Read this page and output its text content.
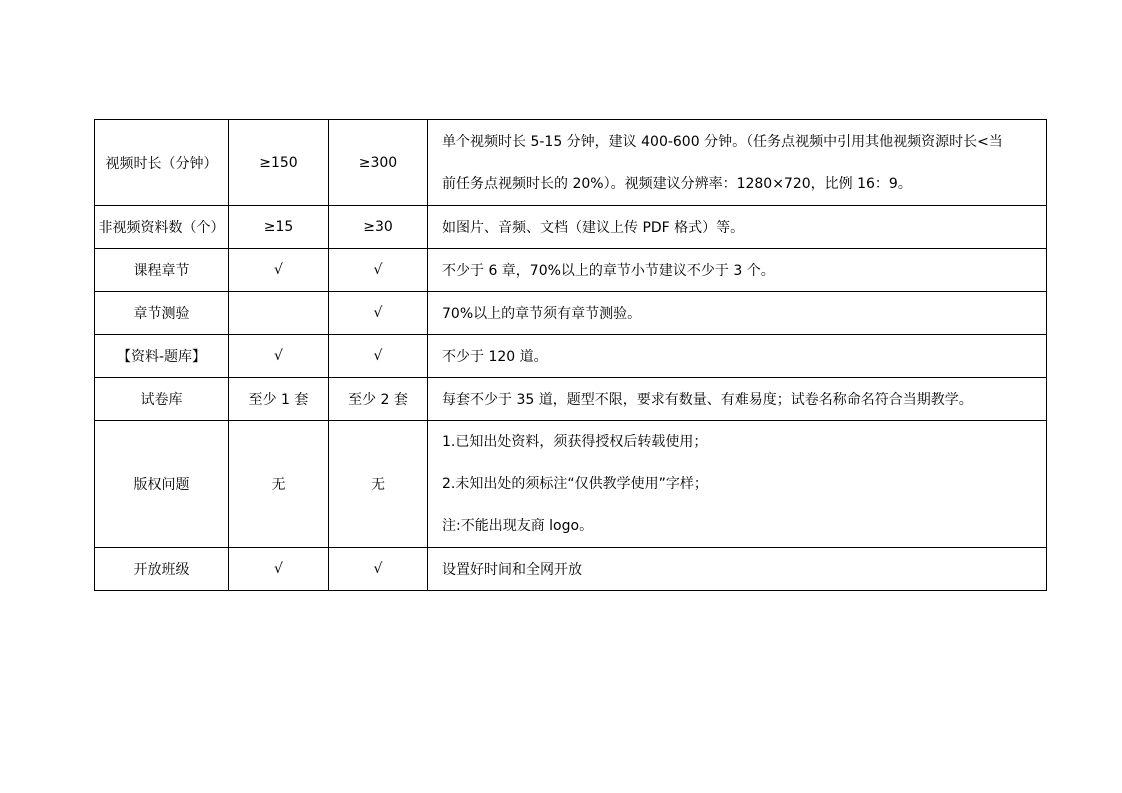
视频时长（分钟）	≥150	≥300	单个视频时长 5-15 分钟，建议 400-600 分钟。（任务点视频中引用其他视频资源时长<当
前任务点视频时长的 20%）。视频建议分辨率：1280×720，比例 16：9。

非视频资料数（个）	≥15	≥30	如图片、音频、文档（建议上传 PDF 格式）等。

课程章节	√	√	不少于 6 章，70%以上的章节小节建议不少于 3 个。

章节测验		√	70%以上的章节须有章节测验。

【资料-题库】	√	√	不少于 120 道。

试卷库	至少 1 套	至少 2 套	每套不少于 35 道，题型不限，要求有数量、有难易度；试卷名称命名符合当期教学。

版权问题	无	无	1.已知出处资料，须获得授权后转载使用；
2.未知出处的须标注“仅供教学使用”字样；
注:不能出现友商 logo。

开放班级	√	√	设置好时间和全网开放
